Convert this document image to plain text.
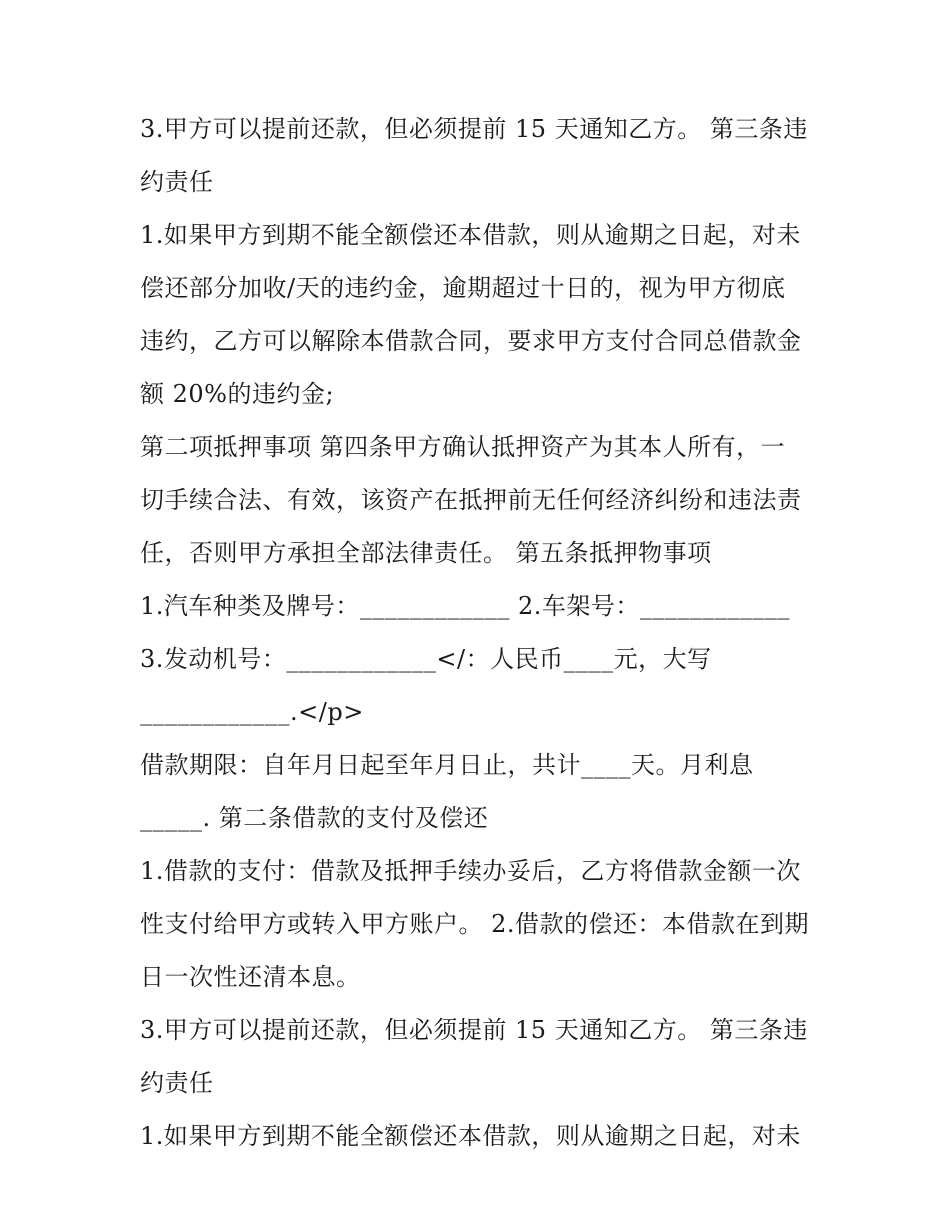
3.甲方可以提前还款，但必须提前 15 天通知乙方。 第三条违
约责任
1.如果甲方到期不能全额偿还本借款，则从逾期之日起，对未
偿还部分加收/天的违约金，逾期超过十日的，视为甲方彻底
违约，乙方可以解除本借款合同，要求甲方支付合同总借款金
额 20%的违约金;
第二项抵押事项 第四条甲方确认抵押资产为其本人所有，一
切手续合法、有效，该资产在抵押前无任何经济纠纷和违法责
任，否则甲方承担全部法律责任。 第五条抵押物事项
1.汽车种类及牌号：____________ 2.车架号：____________
3.发动机号：____________</：人民币____元，大写
____________.</p>
借款期限：自年月日起至年月日止，共计____天。月利息
_____. 第二条借款的支付及偿还
1.借款的支付：借款及抵押手续办妥后，乙方将借款金额一次
性支付给甲方或转入甲方账户。 2.借款的偿还：本借款在到期
日一次性还清本息。
3.甲方可以提前还款，但必须提前 15 天通知乙方。 第三条违
约责任
1.如果甲方到期不能全额偿还本借款，则从逾期之日起，对未
